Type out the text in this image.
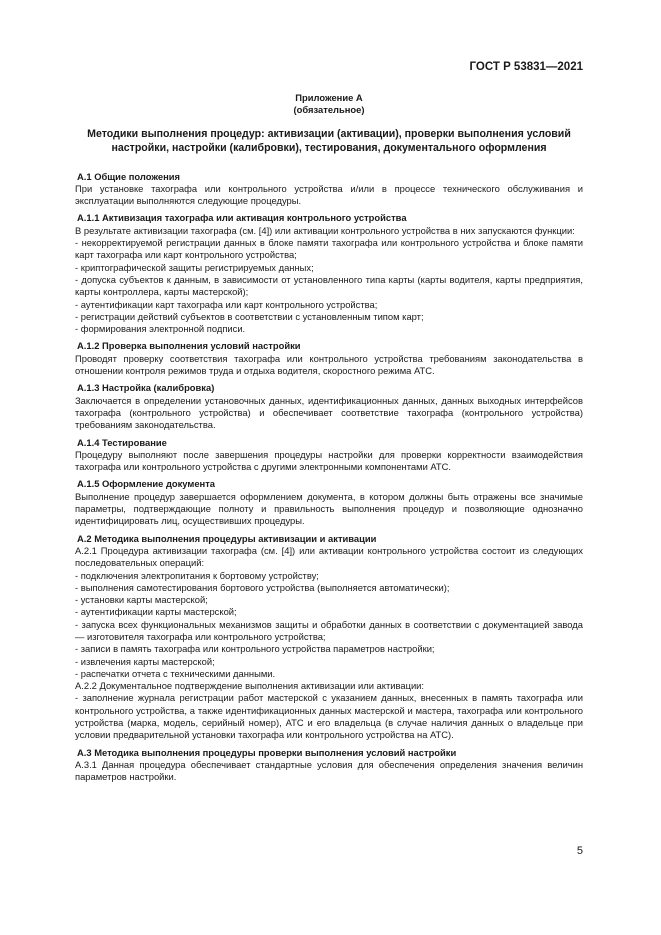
ГОСТ Р 53831—2021
Приложение А
(обязательное)
Методики выполнения процедур: активизации (активации), проверки выполнения условий настройки, настройки (калибровки), тестирования, документального оформления
А.1 Общие положения
При установке тахографа или контрольного устройства и/или в процессе технического обслуживания и эксплуатации выполняются следующие процедуры.
А.1.1 Активизация тахографа или активация контрольного устройства
В результате активизации тахографа (см. [4]) или активации контрольного устройства в них запускаются функции:
- некорректируемой регистрации данных в блоке памяти тахографа или контрольного устройства и блоке памяти карт тахографа или карт контрольного устройства;
- криптографической защиты регистрируемых данных;
- допуска субъектов к данным, в зависимости от установленного типа карты (карты водителя, карты предприятия, карты контроллера, карты мастерской);
- аутентификации карт тахографа или карт контрольного устройства;
- регистрации действий субъектов в соответствии с установленным типом карт;
- формирования электронной подписи.
А.1.2 Проверка выполнения условий настройки
Проводят проверку соответствия тахографа или контрольного устройства требованиям законодательства в отношении контроля режимов труда и отдыха водителя, скоростного режима АТС.
А.1.3 Настройка (калибровка)
Заключается в определении установочных данных, идентификационных данных, данных выходных интерфейсов тахографа (контрольного устройства) и обеспечивает соответствие тахографа (контрольного устройства) требованиям законодательства.
А.1.4 Тестирование
Процедуру выполняют после завершения процедуры настройки для проверки корректности взаимодействия тахографа или контрольного устройства с другими электронными компонентами АТС.
А.1.5 Оформление документа
Выполнение процедур завершается оформлением документа, в котором должны быть отражены все значимые параметры, подтверждающие полноту и правильность выполнения процедур и позволяющие однозначно идентифицировать лиц, осуществивших процедуры.
А.2 Методика выполнения процедуры активизации и активации
А.2.1 Процедура активизации тахографа (см. [4]) или активации контрольного устройства состоит из следующих последовательных операций:
- подключения электропитания к бортовому устройству;
- выполнения самотестирования бортового устройства (выполняется автоматически);
- установки карты мастерской;
- аутентификации карты мастерской;
- запуска всех функциональных механизмов защиты и обработки данных в соответствии с документацией завода — изготовителя тахографа или контрольного устройства;
- записи в память тахографа или контрольного устройства параметров настройки;
- извлечения карты мастерской;
- распечатки отчета с техническими данными.
А.2.2 Документальное подтверждение выполнения активизации или активации:
- заполнение журнала регистрации работ мастерской с указанием данных, внесенных в память тахографа или контрольного устройства, а также идентификационных данных мастерской и мастера, тахографа или контрольного устройства (марка, модель, серийный номер), АТС и его владельца (в случае наличия данных о владельце при условии предварительной установки тахографа или контрольного устройства на АТС).
А.3 Методика выполнения процедуры проверки выполнения условий настройки
А.3.1 Данная процедура обеспечивает стандартные условия для обеспечения определения значения величин параметров настройки.
5
